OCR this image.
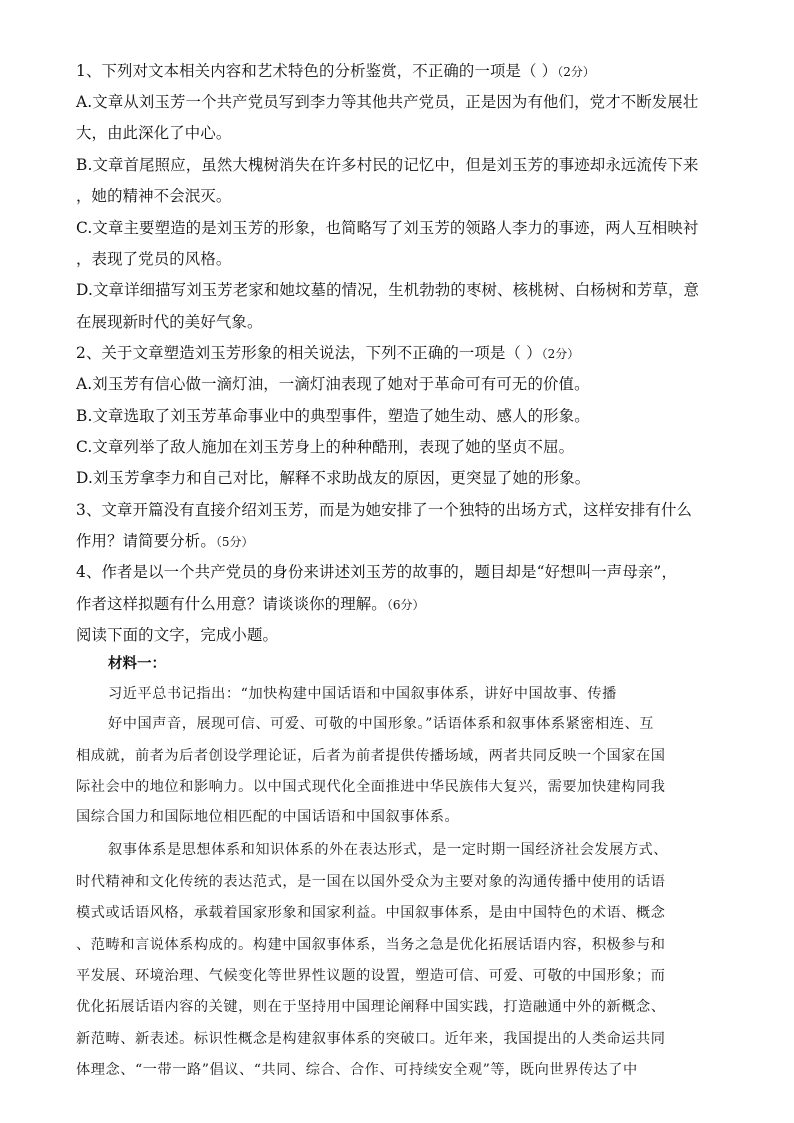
1、下列对文本相关内容和艺术特色的分析鉴赏，不正确的一项是（ ）（2分）
A.文章从刘玉芳一个共产党员写到李力等其他共产党员，正是因为有他们，党才不断发展壮
大，由此深化了中心。
B.文章首尾照应，虽然大槐树消失在许多村民的记忆中，但是刘玉芳的事迹却永远流传下来
，她的精神不会泯灭。
C.文章主要塑造的是刘玉芳的形象，也简略写了刘玉芳的领路人李力的事迹，两人互相映衬
，表现了党员的风格。
D.文章详细描写刘玉芳老家和她坟墓的情况，生机勃勃的枣树、核桃树、白杨树和芳草，意
在展现新时代的美好气象。
2、关于文章塑造刘玉芳形象的相关说法，下列不正确的一项是（ ）（2分）
A.刘玉芳有信心做一滴灯油，一滴灯油表现了她对于革命可有可无的价值。
B.文章选取了刘玉芳革命事业中的典型事件，塑造了她生动、感人的形象。
C.文章列举了敌人施加在刘玉芳身上的种种酷刑，表现了她的坚贞不屈。
D.刘玉芳拿李力和自己对比，解释不求助战友的原因，更突显了她的形象。
3、文章开篇没有直接介绍刘玉芳，而是为她安排了一个独特的出场方式，这样安排有什么
作用？请简要分析。（5分）
4、作者是以一个共产党员的身份来讲述刘玉芳的故事的，题目却是“好想叫一声母亲”，
作者这样拟题有什么用意？请谈谈你的理解。（6分）
阅读下面的文字，完成小题。
材料一：
习近平总书记指出：“加快构建中国话语和中国叙事体系，讲好中国故事、传播
好中国声音，展现可信、可爱、可敬的中国形象。”话语体系和叙事体系紧密相连、互
相成就，前者为后者创设学理论证，后者为前者提供传播场域，两者共同反映一个国家在国
际社会中的地位和影响力。以中国式现代化全面推进中华民族伟大复兴，需要加快建构同我
国综合国力和国际地位相匹配的中国话语和中国叙事体系。
叙事体系是思想体系和知识体系的外在表达形式，是一定时期一国经济社会发展方式、
时代精神和文化传统的表达范式，是一国在以国外受众为主要对象的沟通传播中使用的话语
模式或话语风格，承载着国家形象和国家利益。中国叙事体系，是由中国特色的术语、概念
、范畴和言说体系构成的。构建中国叙事体系，当务之急是优化拓展话语内容，积极参与和
平发展、环境治理、气候变化等世界性议题的设置，塑造可信、可爱、可敬的中国形象；而
优化拓展话语内容的关键，则在于坚持用中国理论阐释中国实践，打造融通中外的新概念、
新范畴、新表述。标识性概念是构建叙事体系的突破口。近年来，我国提出的人类命运共同
体理念、“一带一路”倡议、“共同、综合、合作、可持续安全观”等，既向世界传达了中
